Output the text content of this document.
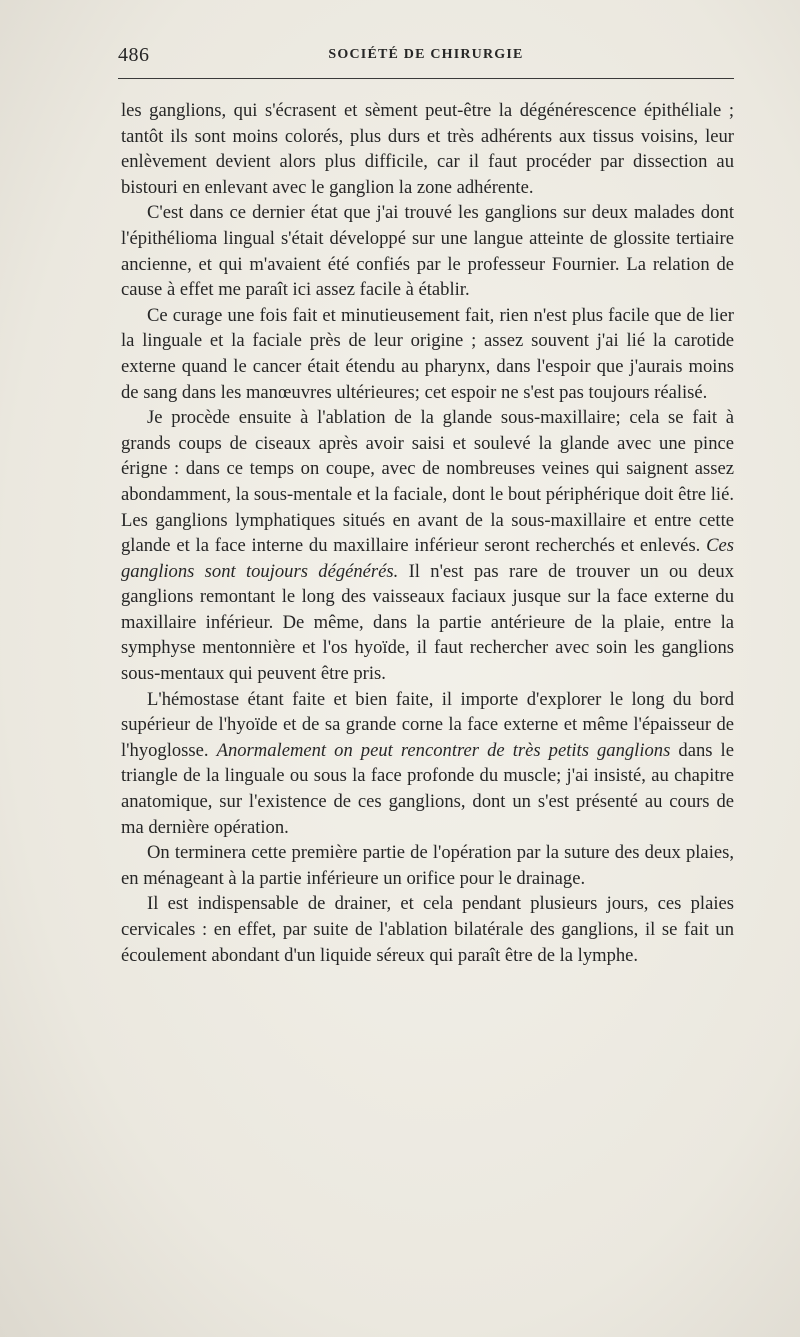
486	SOCIÉTÉ DE CHIRURGIE

les ganglions, qui s'écrasent et sèment peut-être la dégénérescence épithéliale ; tantôt ils sont moins colorés, plus durs et très adhérents aux tissus voisins, leur enlèvement devient alors plus difficile, car il faut procéder par dissection au bistouri en enlevant avec le ganglion la zone adhérente.

C'est dans ce dernier état que j'ai trouvé les ganglions sur deux malades dont l'épithélioma lingual s'était développé sur une langue atteinte de glossite tertiaire ancienne, et qui m'avaient été confiés par le professeur Fournier. La relation de cause à effet me paraît ici assez facile à établir.

Ce curage une fois fait et minutieusement fait, rien n'est plus facile que de lier la linguale et la faciale près de leur origine ; assez souvent j'ai lié la carotide externe quand le cancer était étendu au pharynx, dans l'espoir que j'aurais moins de sang dans les manœuvres ultérieures; cet espoir ne s'est pas toujours réalisé.

Je procède ensuite à l'ablation de la glande sous-maxillaire; cela se fait à grands coups de ciseaux après avoir saisi et soulevé la glande avec une pince érigne : dans ce temps on coupe, avec de nombreuses veines qui saignent assez abondamment, la sous-mentale et la faciale, dont le bout périphérique doit être lié. Les ganglions lymphatiques situés en avant de la sous-maxillaire et entre cette glande et la face interne du maxillaire inférieur seront recherchés et enlevés. Ces ganglions sont toujours dégénérés. Il n'est pas rare de trouver un ou deux ganglions remontant le long des vaisseaux faciaux jusque sur la face externe du maxillaire inférieur. De même, dans la partie antérieure de la plaie, entre la symphyse mentonnière et l'os hyoïde, il faut rechercher avec soin les ganglions sous-mentaux qui peuvent être pris.

L'hémostase étant faite et bien faite, il importe d'explorer le long du bord supérieur de l'hyoïde et de sa grande corne la face externe et même l'épaisseur de l'hyoglosse. Anormalement on peut rencontrer de très petits ganglions dans le triangle de la linguale ou sous la face profonde du muscle; j'ai insisté, au chapitre anatomique, sur l'existence de ces ganglions, dont un s'est présenté au cours de ma dernière opération.

On terminera cette première partie de l'opération par la suture des deux plaies, en ménageant à la partie inférieure un orifice pour le drainage.

Il est indispensable de drainer, et cela pendant plusieurs jours, ces plaies cervicales : en effet, par suite de l'ablation bilatérale des ganglions, il se fait un écoulement abondant d'un liquide séreux qui paraît être de la lymphe.
